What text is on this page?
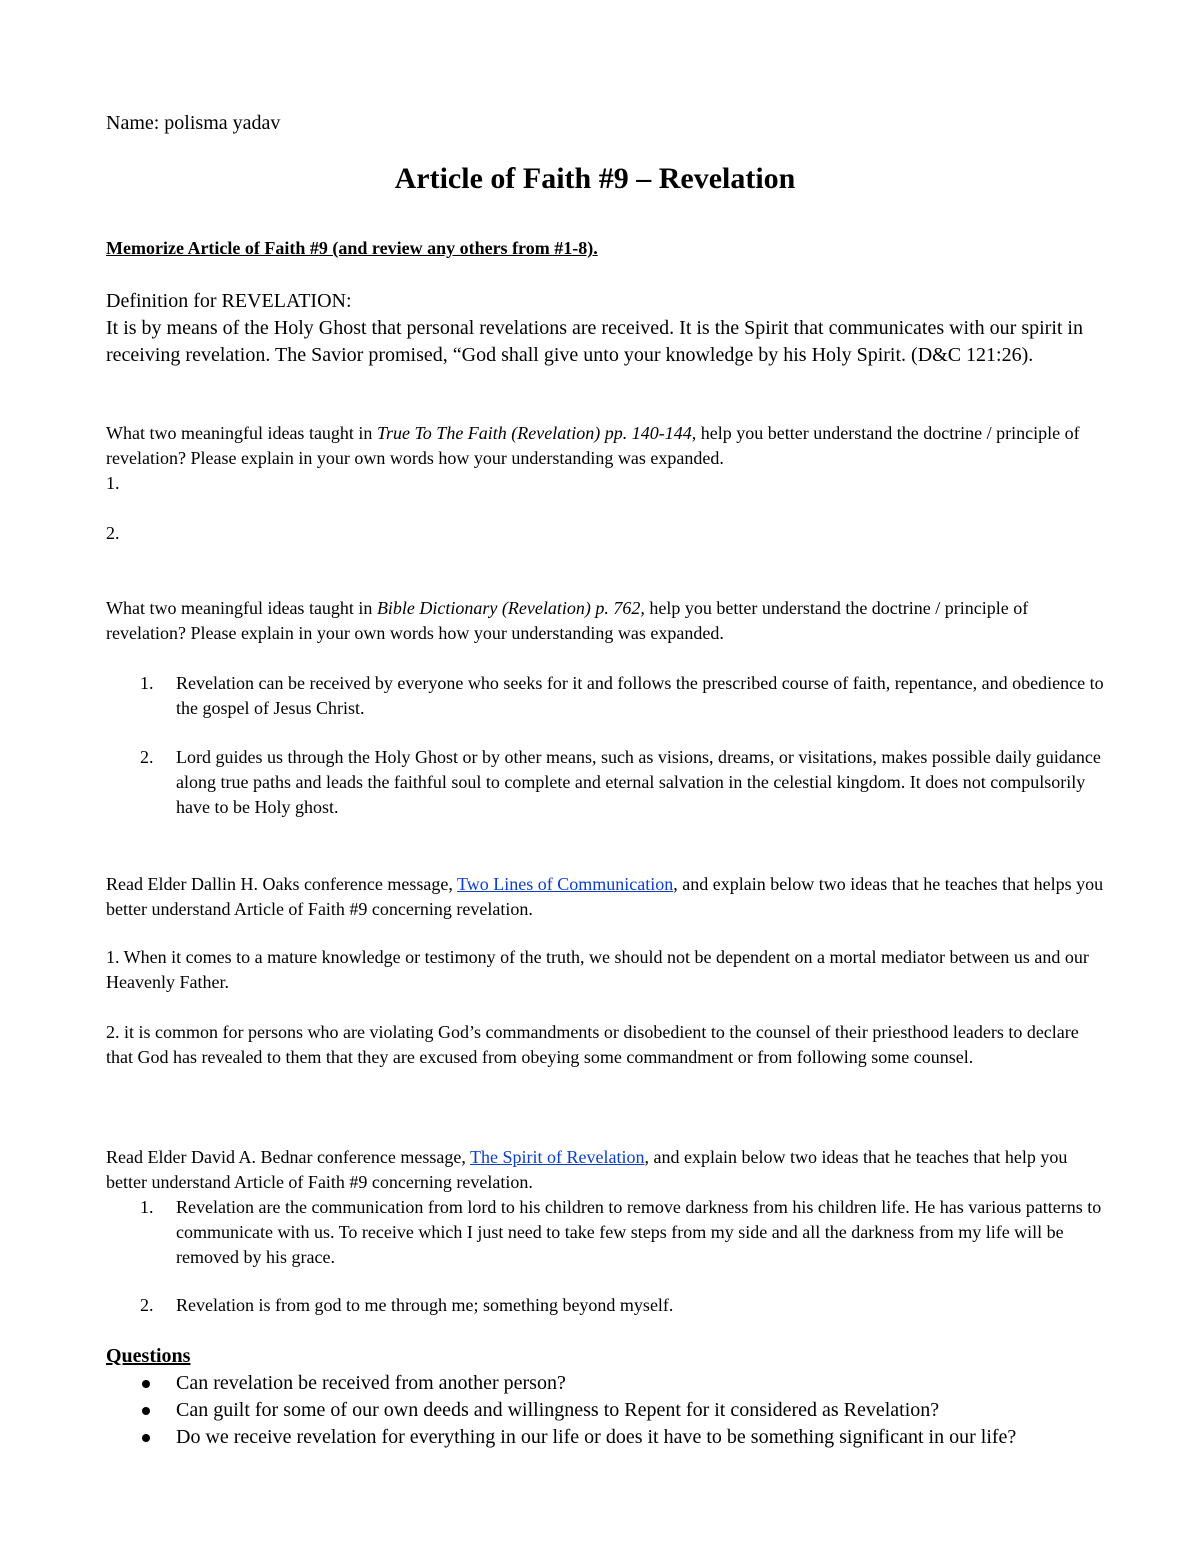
Name: polisma yadav

Article of Faith #9 – Revelation

Memorize Article of Faith #9 (and review any others from #1-8).

Definition for REVELATION:

It is by means of the Holy Ghost that personal revelations are received. It is the Spirit that communicates with our spirit in receiving revelation. The Savior promised, “God shall give unto your knowledge by his Holy Spirit. (D&C 121:26).

What two meaningful ideas taught in True To The Faith (Revelation) pp. 140-144, help you better understand the doctrine / principle of revelation? Please explain in your own words how your understanding was expanded.

1.

2.

What two meaningful ideas taught in Bible Dictionary (Revelation) p. 762, help you better understand the doctrine / principle of revelation? Please explain in your own words how your understanding was expanded.

1. Revelation can be received by everyone who seeks for it and follows the prescribed course of faith, repentance, and obedience to the gospel of Jesus Christ.
2. Lord guides us through the Holy Ghost or by other means, such as visions, dreams, or visitations, makes possible daily guidance along true paths and leads the faithful soul to complete and eternal salvation in the celestial kingdom. It does not compulsorily have to be Holy ghost.

Read Elder Dallin H. Oaks conference message, Two Lines of Communication, and explain below two ideas that he teaches that helps you better understand Article of Faith #9 concerning revelation.

1. When it comes to a mature knowledge or testimony of the truth, we should not be dependent on a mortal mediator between us and our Heavenly Father.

2. it is common for persons who are violating God’s commandments or disobedient to the counsel of their priesthood leaders to declare that God has revealed to them that they are excused from obeying some commandment or from following some counsel.

Read Elder David A. Bednar conference message, The Spirit of Revelation, and explain below two ideas that he teaches that help you better understand Article of Faith #9 concerning revelation.

1. Revelation are the communication from lord to his children to remove darkness from his children life. He has various patterns to communicate with us. To receive which I just need to take few steps from my side and all the darkness from my life will be removed by his grace.
2. Revelation is from god to me through me; something beyond myself.

Questions

Can revelation be received from another person?
Can guilt for some of our own deeds and willingness to Repent for it considered as Revelation?
Do we receive revelation for everything in our life or does it have to be something significant in our life?
